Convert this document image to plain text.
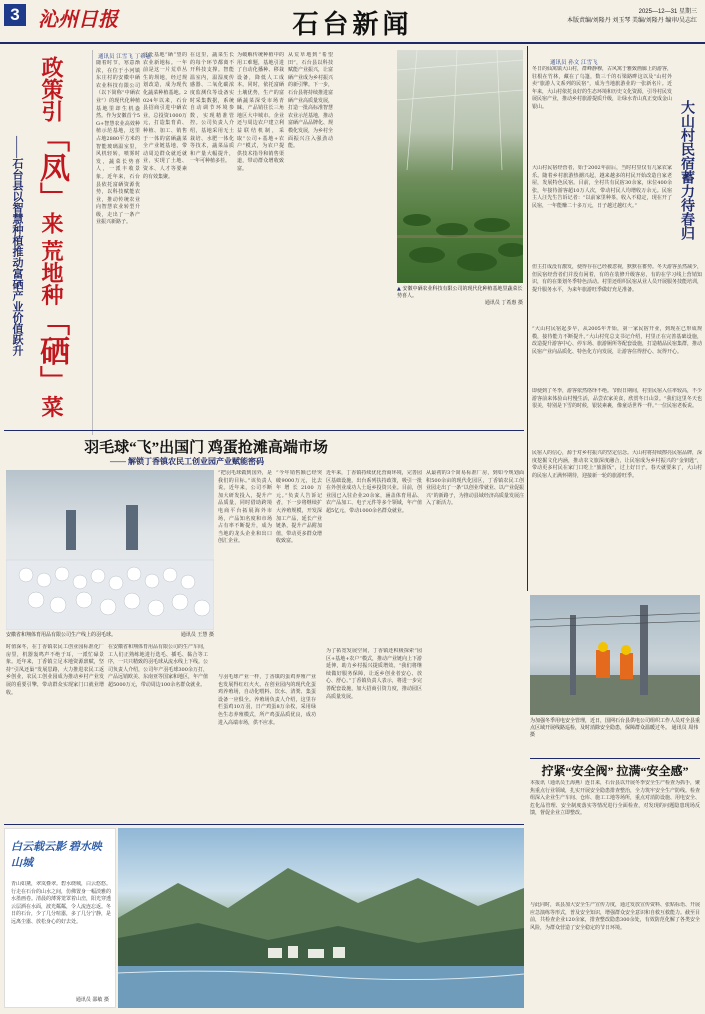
3 沁州日报	石台新闻	2025—12—31 星期三
本版责编/刘隆丹 刘玉琴 美编/刘隆丹 编审/吴志红
政策引「凤」来 荒地种「硒」菜
——石台县以智慧种植推动富硒产业价值跃升
通讯员 江雪飞 丁希惠
随着时节，寒意渐浓，在位于小河镇东庄村的安徽中硒农业科技有限公司（以下简称“中硒农业”）的现代化种植基地里却生机盎然。作为安徽首个5G+智慧农业高效种植示范基地，这里占地2880平方米的智能玻璃温室里，风机轻转，喷雾时发，蔬菜长势喜人，一派丰收景象。近年来，石台县依托富硒资源优势，以科技赋能农业，推动传统农业向智慧农业转型升级，走出了一条产业振兴新路子。
这处基地“硒”望的农业新地标。一年前是这一片荒草丛生的坝地，经过规划改造，成为现代化蔬菜种植基地。2024年以来，石台县招商引进中硒农业，总投资1000万元，打造集育苗、种植、加工、销售于一体的富硒蔬菜全产业链基地，带动周边群众就近就业，实现了土地、资本、人才等要素的有效集聚。
在这里，蔬菜生长的每个环节都离不开科技支撑。智能温室内，温湿度传感器、二氧化碳浓度监测仪等设备实时采集数据，系统自动调节环境参数，实现精准管控。公司负责人介绍，基地采用无土栽培、水肥一体化等技术，蔬菜品质和产量大幅提升，一年可种植多茬。
为破解传统种植中的用工难题，基地引进了自动化播种、移栽设备，降低人工成本。同时，依托富硒土壤优势，生产的富硒蔬菜深受市场青睐，产品销往长三角地区大中城市。企业还与周边农户建立利益联结机制，采取“公司+基地+农户”模式，为农户提供技术指导和销售渠道，带动群众增收致富。
从荒草地到“希望田”，石台县以科技赋能产业振兴，让富硒产业成为乡村振兴的新引擎。下一步，石台县将持续推进富硒产业高质量发展，打造一批高标准智慧农业示范基地，推动富硒产品品牌化、规模化发展，为乡村全面振兴注入强劲动能。
▲ 安徽中硒农业科技有限公司的现代化种植基地里蔬菜长势喜人。
通讯员 丁希惠 摄
通讯员 孙文 江雪飞
大山村民宿蓄力待春归
冬日的仙寓镇大山村，群峰静穆，古风寓于雅致画廊上的游客，驻根在竹林，藏在了乌篷，数三千的石梁路畔这以及“山村外卖”旅游人文系列的民宿”，成为当地旅游业的一张新名片。近年来，大山村依托良好的生态环境和历史文化资源，引导村民发展民宿产业，推动乡村旅游提质升级，让绿水青山真正变成金山银山。
大山村民宿经营者，始于2002年前后，当时村里仅有几家农家乐。随着乡村旅游热潮兴起，越来越多的村民开始改造自家老屋，发展特色民宿。目前，全村共有民宿30余家，床位400余张，年接待游客超10万人次，带动村民人均增收万余元。民宿主人汪先生告诉记者：“以前家里种茶，收入不稳定，现在开了民宿，一年能赚二十多万元，日子越过越红火。”
但主打成没有激发，使得存在已经被忽视，默默在蓄势。冬天游客虽然减少，但民宿经营者们并没有闲着，有的在装修升级客房，有的在学习线上营销知识，有的在策划冬季特色活动。村里还组织民宿从业人员开展服务技能培训，提升服务水平，为来年旅游旺季做好充足准备。
“大山村民宿起步早，从2005年开始，第一家民宿开业，到现在已形成规模，接待能力不断提升。”大山村党总支书记介绍，村里正在完善基础设施，改造提升游客中心、停车场、旅游厕所等配套设施，打造精品民宿集群，推动民宿产业向品质化、特色化方向发展，让游客住得舒心、玩得开心。
即使到了冬季，游客依然络绎不绝。节假日期间，村里民宿入住率较高，不少游客前来体验山村慢生活，品尝农家美食，欣赏冬日山景。“我们这里冬天也很美，特别是下雪的时候，银装素裹，像童话世界一样。”一位民宿老板说。
民宿人的信心，源于对乡村振兴的坚定信念。大山村将持续擦亮民宿品牌，深度挖掘文化内涵，推动农文旅深度融合，让民宿成为乡村振兴的“金钥匙”，带动更多村民在家门口吃上“旅游饭”，过上好日子。春天就要来了，大山村的民宿人正满怀期待，迎接新一轮的旅游旺季。
羽毛球“飞”出国门 鸡蛋抢滩高端市场
—— 解锁丁香镇农民工创业园产业赋能密码
安徽省和翔体育用品有限公司生产线上的羽毛球。	通讯员 王慧 摄
时值深冬，在丁香镇农民工创业园标准化厂房里，机器轰鸣声不绝于耳，一派忙碌景象。近年来，丁香镇立足本地资源禀赋，坚持“引凤还巢”发展思路，大力推进农民工返乡创业，农民工创业园成为推动乡村产业发展的重要引擎，带动群众实现家门口就业增收。
在安徽省和翔体育用品有限公司的生产车间，工人们正熟练地进行选毛、插毛、黏合等工序，一只只精致的羽毛球从流水线上下线。公司负责人介绍，公司年产羽毛球300余万打，产品远销欧美、东南亚等国家和地区，年产值超5000万元，带动周边100余名群众就业。
“把羽毛球做到国外，是我们的目标。”该负责人说。近年来，公司不断加大研发投入，提升产品质量，同时借助跨境电商平台拓展海外市场，产品知名度和市场占有率不断提升，成为当地的龙头企业和出口创汇企业。
与羽毛球产业一样，丁香镇的蛋鸡养殖产业也发展得红红火火。在创业园内的现代化蛋鸡养殖场，自动化喂料、饮水、清粪、集蛋设备一应俱全。养殖场负责人介绍，这里存栏蛋鸡10万羽，日产鸡蛋8万余枚，采用绿色生态养殖模式，所产鸡蛋品质优良，成功进入高端市场，供不应求。
“今年销售额已经突破9000万元，比去年增长2100万元。”负责人告诉记者，下一步将继续扩大养殖规模，开发深加工产品，延长产业链条，提升产品附加值，带动更多群众增收致富。
近年来，丁香镇持续优化营商环境，完善园区基础设施，出台系列扶持政策，吸引一批在外创业成功人士返乡投资兴业。目前，创业园已入驻企业20余家，涵盖体育用品、农产品加工、电子元件等多个领域，年产值超5亿元，带动1000余名群众就业。
为了拓宽发展空间，丁香镇还积极探索“园区+基地+农户”模式，推动产业链向上下游延伸，助力乡村振兴提质增效。“我们将继续做好服务保障，让返乡创业者安心、放心、舒心。”丁香镇负责人表示，将进一步完善配套设施，加大招商引资力度，推动园区高质量发展。
从最初的3个简易标准厂房，到如今规划面积500余亩的现代化园区，丁香镇农民工创业园走出了一条“以创业带就业、以产业促振兴”的新路子，为推动县域经济高质量发展注入了新活力。
为加强冬季用电安全管理，近日，国网石台县供电公司组织工作人员对全县重点区域开展线路巡检，及时消除安全隐患，保障群众温暖过冬。 通讯员 周伟 摄
拧紧“安全阀” 拉满“安全感”
本报讯（通讯员王海燕）连日来，石台县以开展冬季安全生产检查为抓手，聚焦重点行业领域，扎实开展安全隐患排查整治，全力筑牢安全生产防线。检查组深入企业生产车间、仓库、施工工地等场所，重点对消防设施、用电安全、危化品管理、安全制度落实等情况进行全面检查，对发现的问题隐患现场反馈，督促企业立即整改。
与此同时，该县加大安全生产宣传力度，通过发放宣传资料、张贴标语、开展应急演练等形式，普及安全知识，增强群众安全意识和自救互救能力。截至目前，共检查企业120余家，排查整改隐患300余处，有效防范化解了各类安全风险，为群众营造了安全稳定的节日环境。
白云载云影 碧水映山城
青山如黛，翠岚叠翠。碧水绕城，白云悠悠。行走在石台的山水之间，仿佛置身一幅淡雅的水墨画卷。清晨的薄雾笼罩着山峦，阳光穿透云层洒在水面，波光粼粼，令人流连忘返。冬日的石台，少了几分喧嚣，多了几分宁静，是远离尘嚣、放松身心的好去处。
通讯员 邵敏 摄
